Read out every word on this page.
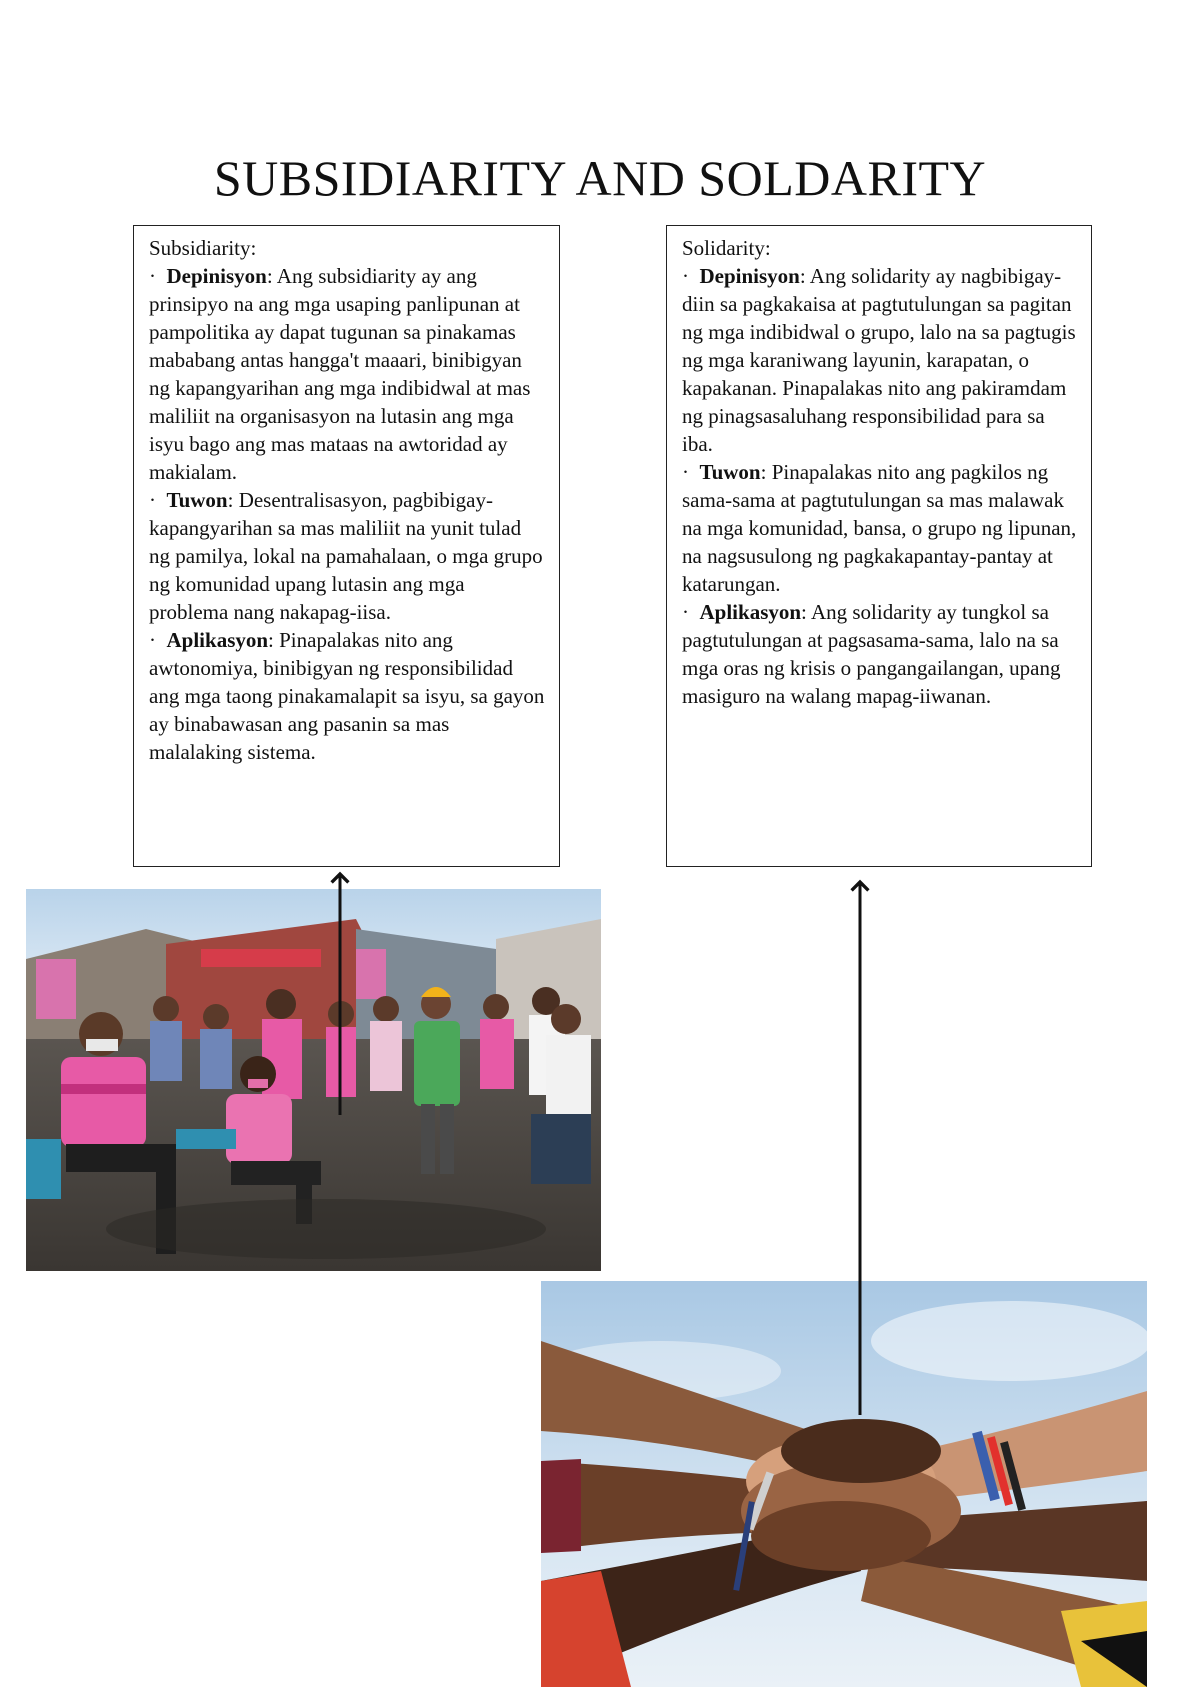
SUBSIDIARITY AND SOLDARITY

Subsidiarity:

· Depinisyon: Ang subsidiarity ay ang prinsipyo na ang mga usaping panlipunan at pampolitika ay dapat tugunan sa pinakamas mababang antas hangga't maaari, binibigyan ng kapangyarihan ang mga indibidwal at mas maliliit na organisasyon na lutasin ang mga isyu bago ang mas mataas na awtoridad ay makialam.

· Tuwon: Desentralisasyon, pagbibigay-kapangyarihan sa mas maliliit na yunit tulad ng pamilya, lokal na pamahalaan, o mga grupo ng komunidad upang lutasin ang mga problema nang nakapag-iisa.

· Aplikasyon: Pinapalakas nito ang awtonomiya, binibigyan ng responsibilidad ang mga taong pinakamalapit sa isyu, sa gayon ay binabawasan ang pasanin sa mas malalaking sistema.

Solidarity:

· Depinisyon: Ang solidarity ay nagbibigay-diin sa pagkakaisa at pagtutulungan sa pagitan ng mga indibidwal o grupo, lalo na sa pagtugis ng mga karaniwang layunin, karapatan, o kapakanan. Pinapalakas nito ang pakiramdam ng pinagsasaluhang responsibilidad para sa iba.

· Tuwon: Pinapalakas nito ang pagkilos ng sama-sama at pagtutulungan sa mas malawak na mga komunidad, bansa, o grupo ng lipunan, na nagsusulong ng pagkakapantay-pantay at katarungan.

· Aplikasyon: Ang solidarity ay tungkol sa pagtutulungan at pagsasama-sama, lalo na sa mga oras ng krisis o pangangailangan, upang masiguro na walang mapag-iiwanan.
